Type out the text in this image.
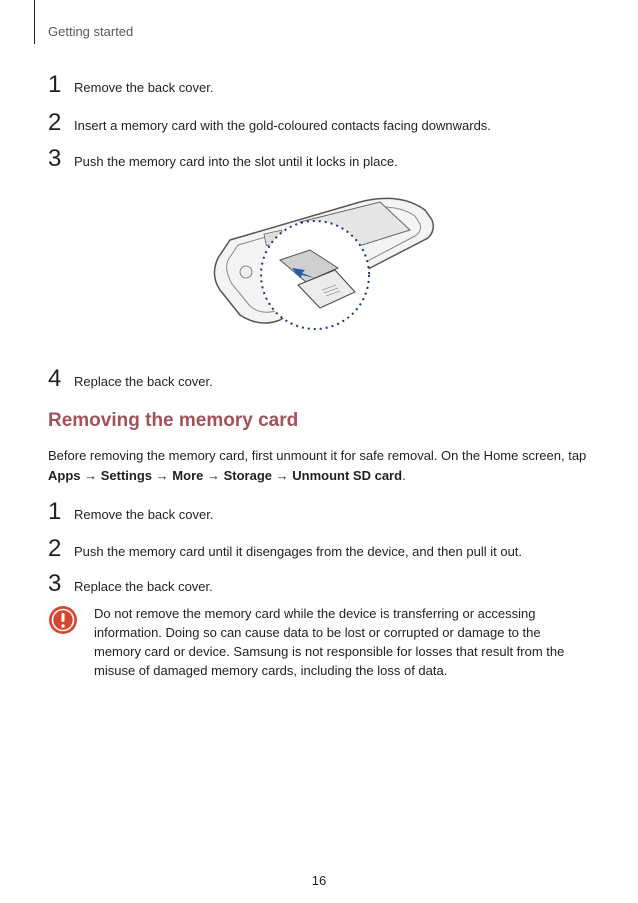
Getting started
1 Remove the back cover.
2 Insert a memory card with the gold-coloured contacts facing downwards.
3 Push the memory card into the slot until it locks in place.
4 Replace the back cover.
Removing the memory card
Before removing the memory card, first unmount it for safe removal. On the Home screen, tap
Apps → Settings → More → Storage → Unmount SD card.
1 Remove the back cover.
2 Push the memory card until it disengages from the device, and then pull it out.
3 Replace the back cover.
Do not remove the memory card while the device is transferring or accessing information. Doing so can cause data to be lost or corrupted or damage to the memory card or device. Samsung is not responsible for losses that result from the misuse of damaged memory cards, including the loss of data.
16
